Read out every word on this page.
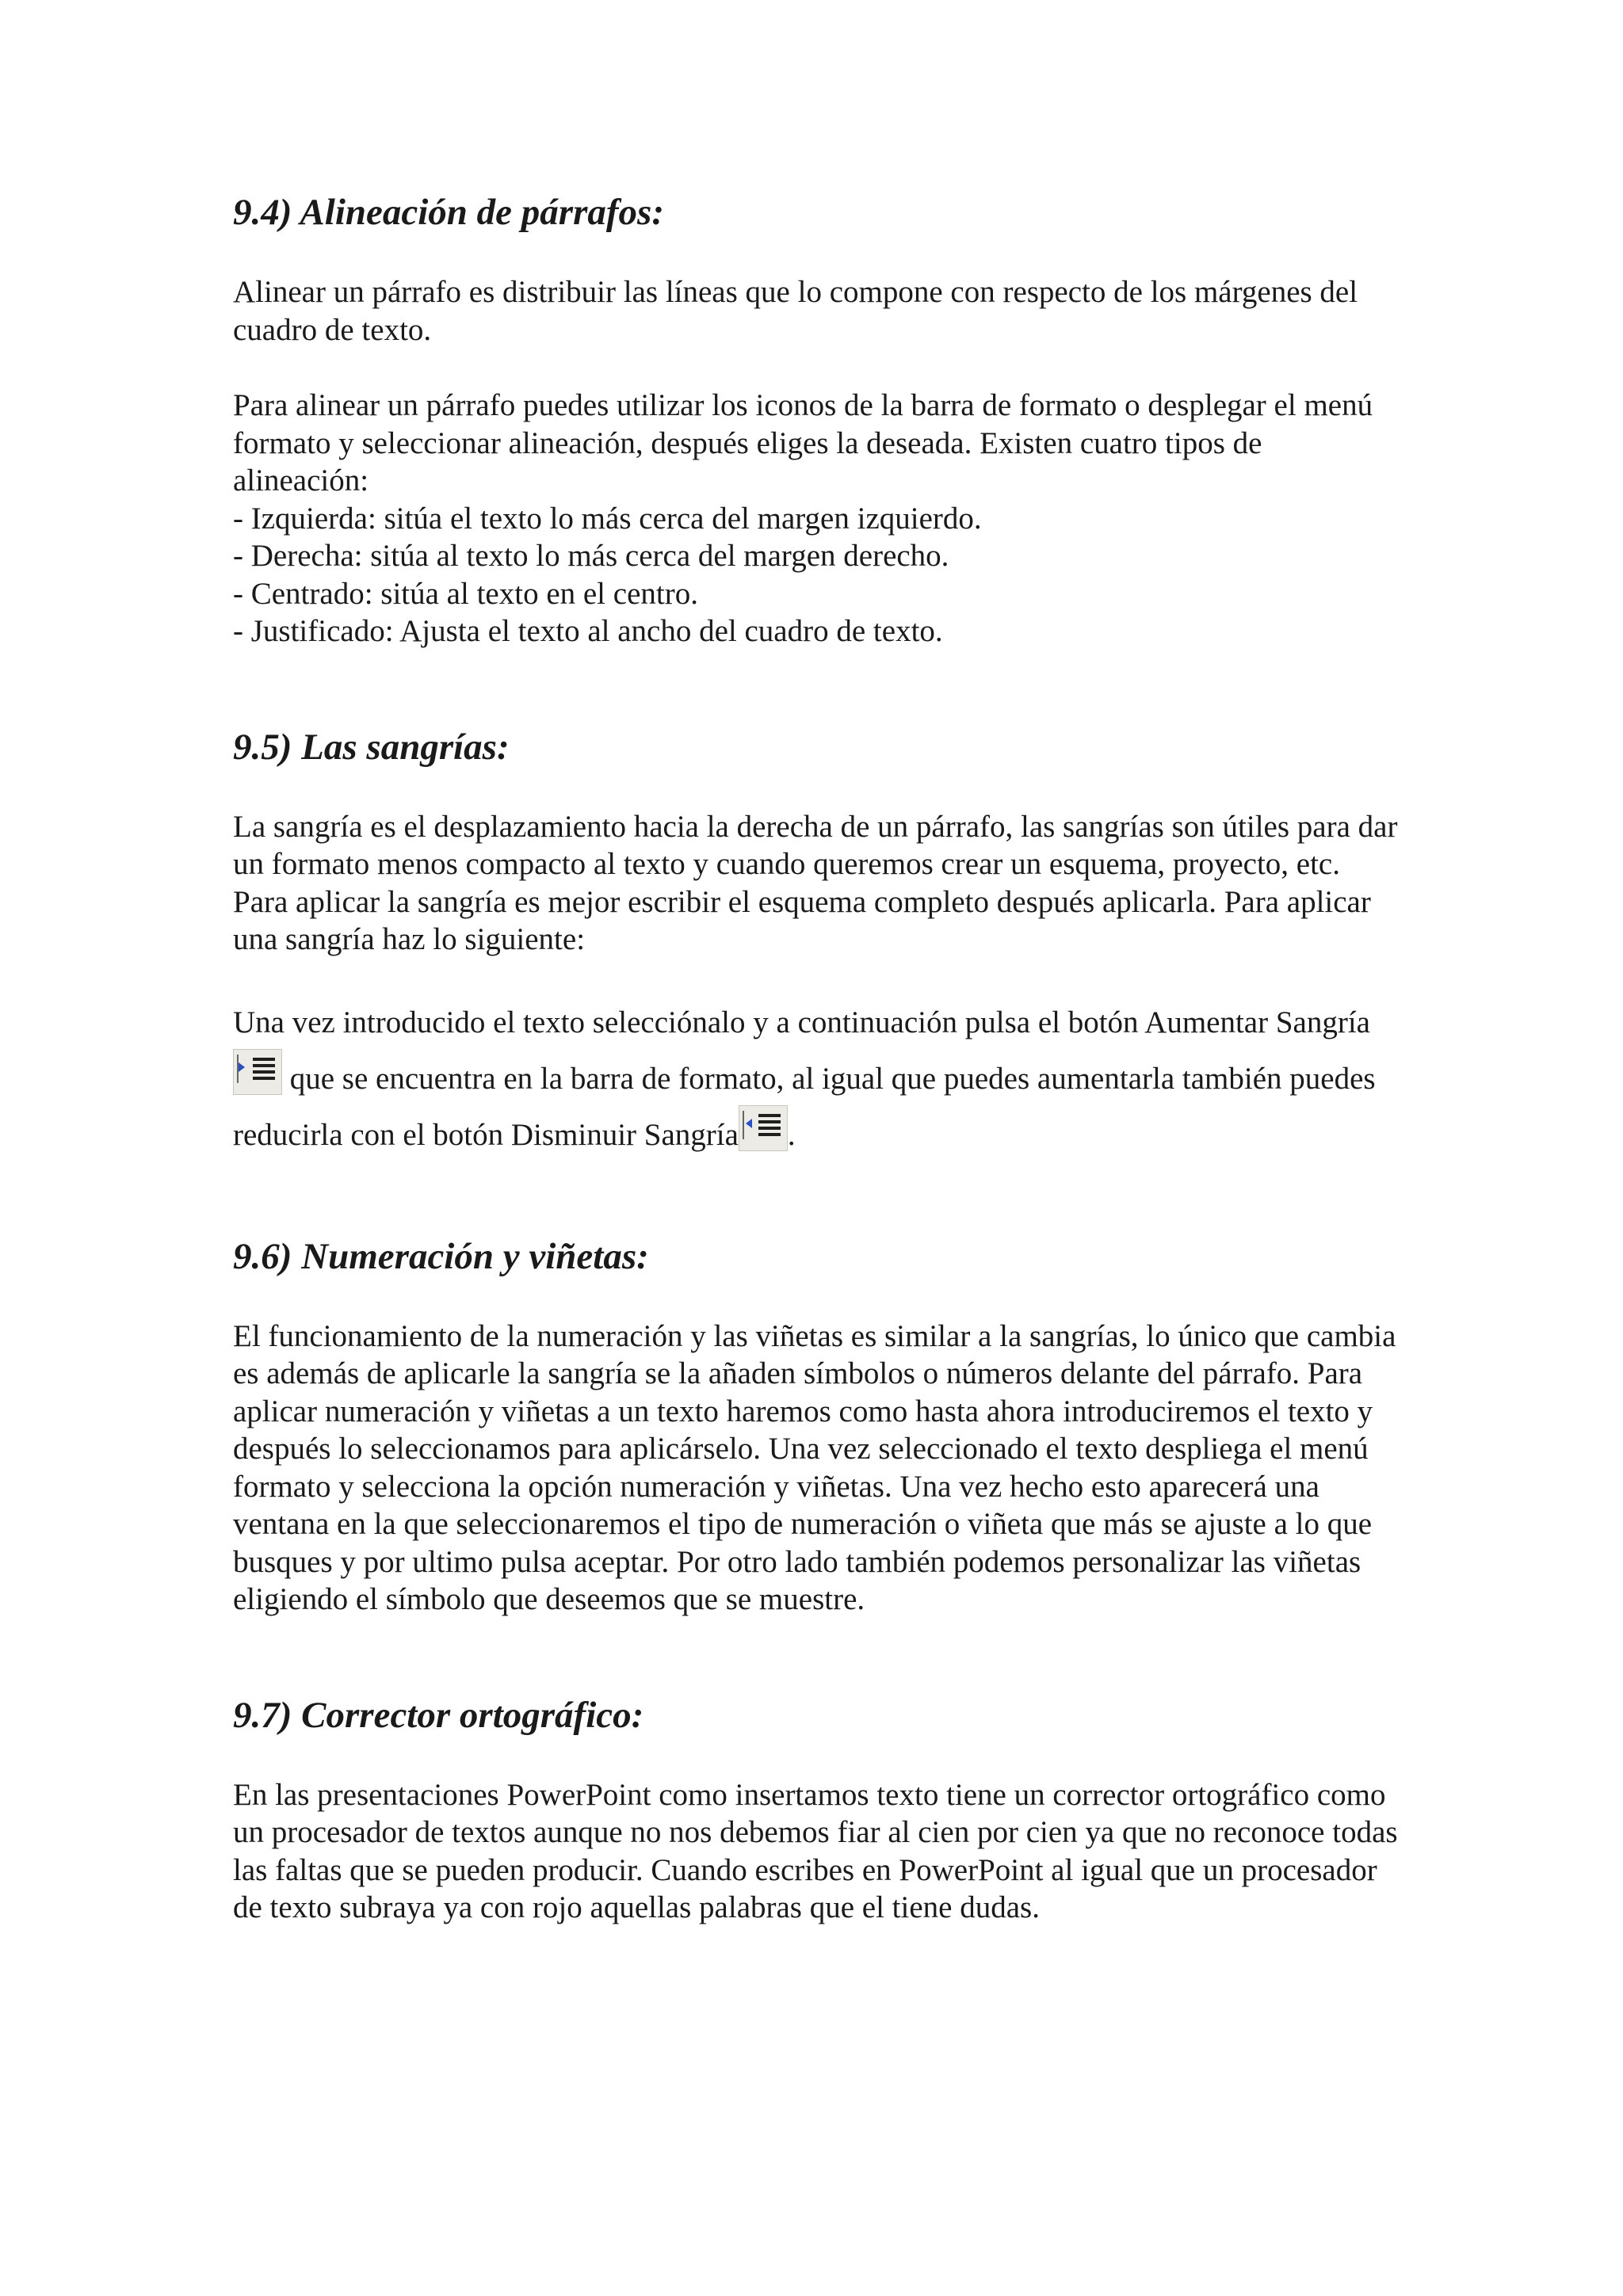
9.4) Alineación de párrafos:

Alinear un párrafo es distribuir las líneas que lo compone con respecto de los márgenes del cuadro de texto.

Para alinear un párrafo puedes utilizar los iconos de la barra de formato o desplegar el menú formato y seleccionar alineación, después eliges la deseada. Existen cuatro tipos de alineación:

- Izquierda: sitúa el texto lo más cerca del margen izquierdo.
- Derecha: sitúa al texto lo más cerca del margen derecho.
- Centrado: sitúa al texto en el centro.
- Justificado: Ajusta el texto al ancho del cuadro de texto.
9.5) Las sangrías:

La sangría es el desplazamiento hacia la derecha de un párrafo, las sangrías son útiles para dar un formato menos compacto al texto y cuando queremos crear un esquema, proyecto, etc. Para aplicar la sangría es mejor escribir el esquema completo después aplicarla. Para aplicar una sangría haz lo siguiente:

Una vez introducido el texto selecciónalo y a continuación pulsa el botón Aumentar Sangría
que se encuentra en la barra de formato, al igual que puedes aumentarla también puedes reducirla con el botón Disminuir Sangría .

9.6) Numeración y viñetas:

El funcionamiento de la numeración y las viñetas es similar a la sangrías, lo único que cambia es además de aplicarle la sangría se la añaden símbolos o números delante del párrafo. Para aplicar numeración y viñetas a un texto haremos como hasta ahora introduciremos el texto y después lo seleccionamos para aplicárselo. Una vez seleccionado el texto despliega el menú formato y selecciona la opción numeración y viñetas. Una vez hecho esto aparecerá una ventana en la que seleccionaremos el tipo de numeración o viñeta que más se ajuste a lo que busques y por ultimo pulsa aceptar. Por otro lado también podemos personalizar las viñetas eligiendo el símbolo que deseemos que se muestre.

9.7) Corrector ortográfico:

En las presentaciones PowerPoint como insertamos texto tiene un corrector ortográfico como un procesador de textos aunque no nos debemos fiar al cien por cien ya que no reconoce todas las faltas que se pueden producir. Cuando escribes en PowerPoint al igual que un procesador de texto subraya ya con rojo aquellas palabras que el tiene dudas.
